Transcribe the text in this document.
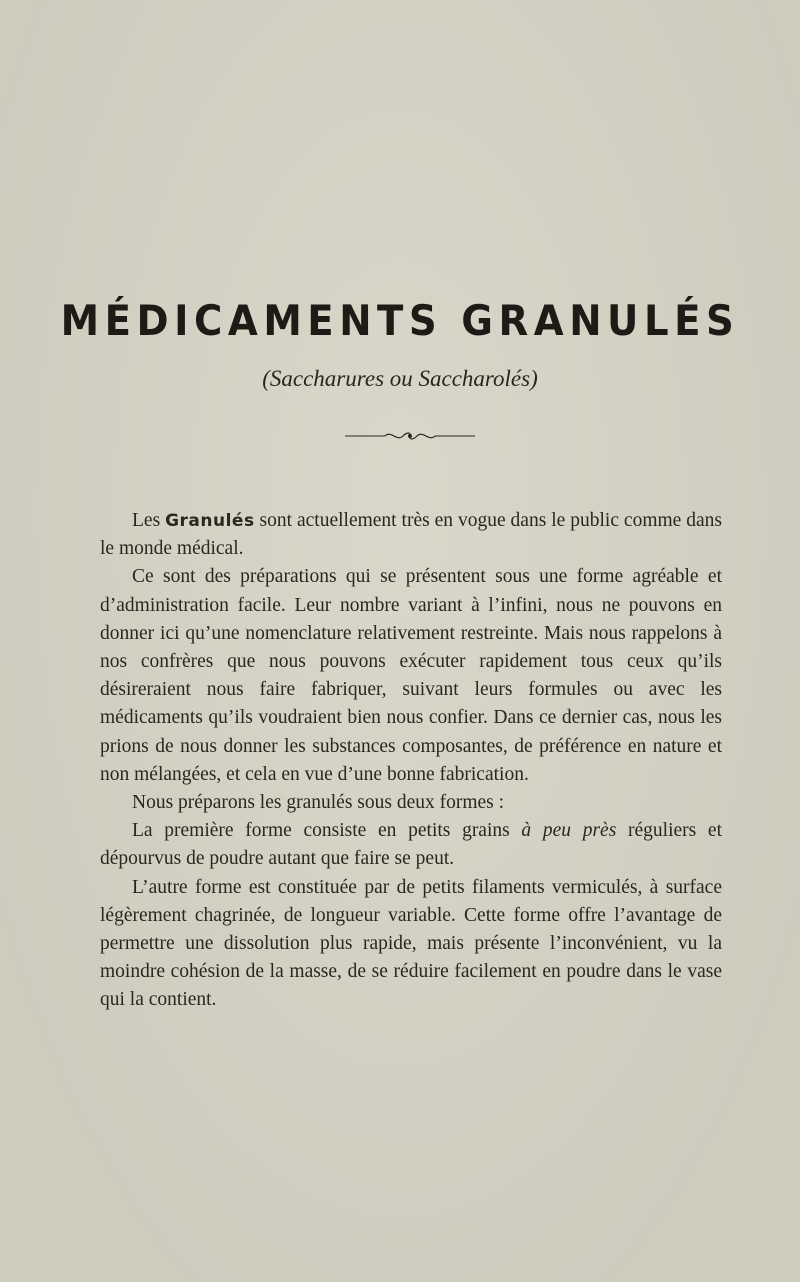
MÉDICAMENTS GRANULÉS
(Saccharures ou Saccharolés)

Les Granulés sont actuellement très en vogue dans le public comme dans le monde médical.

Ce sont des préparations qui se présentent sous une forme agréable et d’administration facile. Leur nombre variant à l’infini, nous ne pouvons en donner ici qu’une nomenclature relativement restreinte. Mais nous rappelons à nos confrères que nous pouvons exécuter rapidement tous ceux qu’ils désireraient nous faire fabriquer, suivant leurs formules ou avec les médicaments qu’ils voudraient bien nous confier. Dans ce dernier cas, nous les prions de nous donner les substances composantes, de préférence en nature et non mélangées, et cela en vue d’une bonne fabrication.

Nous préparons les granulés sous deux formes :

La première forme consiste en petits grains à peu près réguliers et dépourvus de poudre autant que faire se peut.

L’autre forme est constituée par de petits filaments vermiculés, à surface légèrement chagrinée, de longueur variable. Cette forme offre l’avantage de permettre une dissolution plus rapide, mais présente l’inconvénient, vu la moindre cohésion de la masse, de se réduire facilement en poudre dans le vase qui la contient.
